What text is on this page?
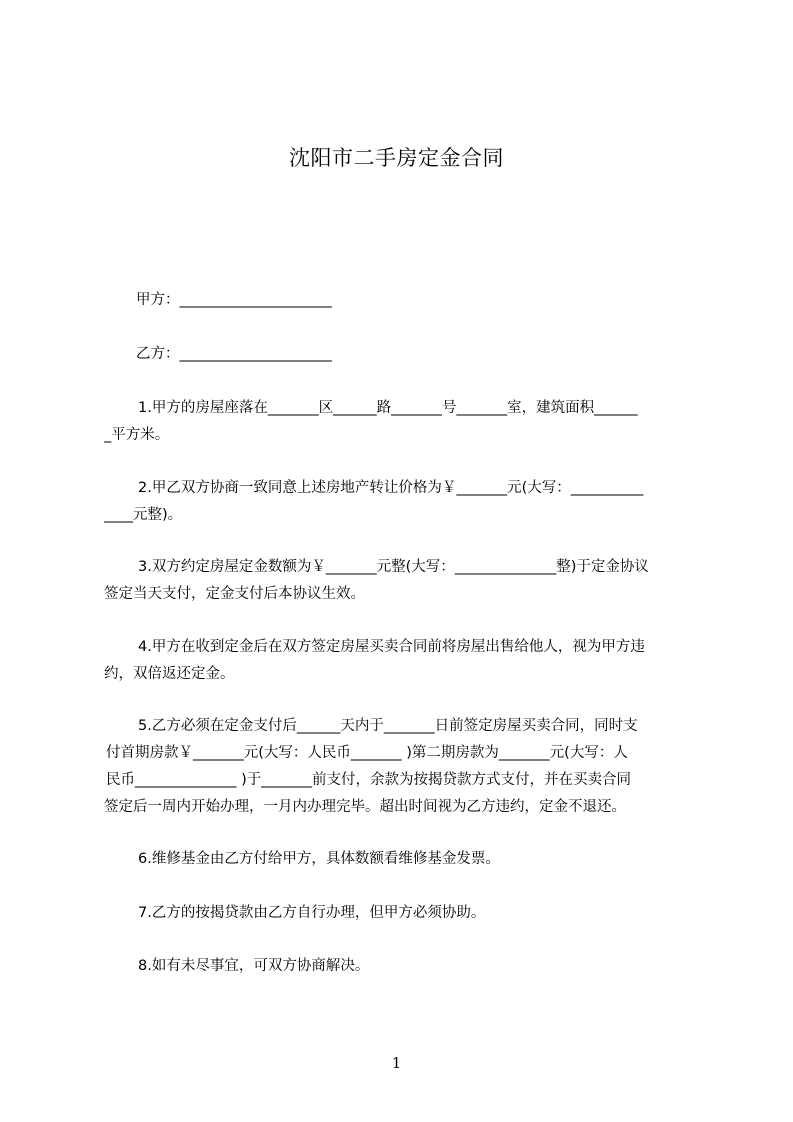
沈阳市二手房定金合同
甲方：_____________________
乙方：_____________________
1.甲方的房屋座落在_______区______路_______号_______室，建筑面积______
_平方米。
2.甲乙双方协商一致同意上述房地产转让价格为￥_______元(大写：__________
____元整)。
3.双方约定房屋定金数额为￥_______元整(大写：______________整)于定金协议
签定当天支付，定金支付后本协议生效。
4.甲方在收到定金后在双方签定房屋买卖合同前将房屋出售给他人，视为甲方违
约，双倍返还定金。
5.乙方必须在定金支付后______天内于_______日前签定房屋买卖合同，同时支
付首期房款￥_______元(大写：人民币_______ )第二期房款为_______元(大写：人
民币______________ )于_______前支付，余款为按揭贷款方式支付，并在买卖合同
签定后一周内开始办理，一月内办理完毕。超出时间视为乙方违约，定金不退还。
6.维修基金由乙方付给甲方，具体数额看维修基金发票。
7.乙方的按揭贷款由乙方自行办理，但甲方必须协助。
8.如有未尽事宜，可双方协商解决。
1
